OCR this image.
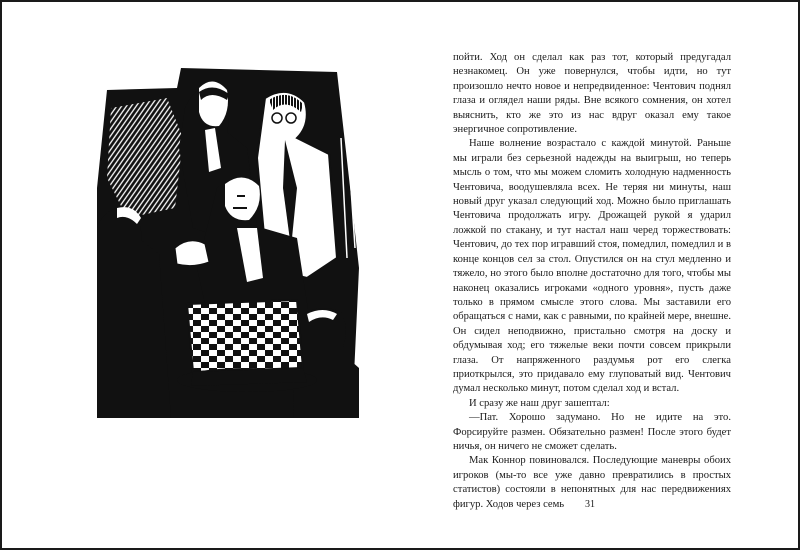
пойти. Ход он сделал как раз тот, который предугадал незнакомец. Он уже повернулся, чтобы идти, но тут произошло нечто новое и непредвиденное: Чентович поднял глаза и оглядел наши ряды. Вне всякого сомнения, он хотел выяснить, кто же это из нас вдруг оказал ему такое энергичное сопротивление.

Наше волнение возрастало с каждой минутой. Раньше мы играли без серьезной надежды на выигрыш, но теперь мысль о том, что мы можем сломить холодную надменность Чентовича, воодушевляла всех. Не теряя ни минуты, наш новый друг указал следующий ход. Можно было приглашать Чентовича продолжать игру. Дрожащей рукой я ударил ложкой по стакану, и тут настал наш черед торжествовать: Чентович, до тех пор игравший стоя, помедлил, помедлил и в конце концов сел за стол. Опустился он на стул медленно и тяжело, но этого было вполне достаточно для того, чтобы мы наконец оказались игроками «одного уровня», пусть даже только в прямом смысле этого слова. Мы заставили его обращаться с нами, как с равными, по крайней мере, внешне. Он сидел неподвижно, пристально смотря на доску и обдумывая ход; его тяжелые веки почти совсем прикрыли глаза. От напряженного раздумья рот его слегка приоткрылся, это придавало ему глуповатый вид. Чентович думал несколько минут, потом сделал ход и встал.

И сразу же наш друг зашептал:

—Пат. Хорошо задумано. Но не идите на это. Форсируйте размен. Обязательно размен! После этого будет ничья, он ничего не сможет сделать.

Мак Коннор повиновался. Последующие маневры обоих игроков (мы-то все уже давно превратились в простых статистов) состояли в непонятных для нас передвижениях фигур. Ходов через семь	31
